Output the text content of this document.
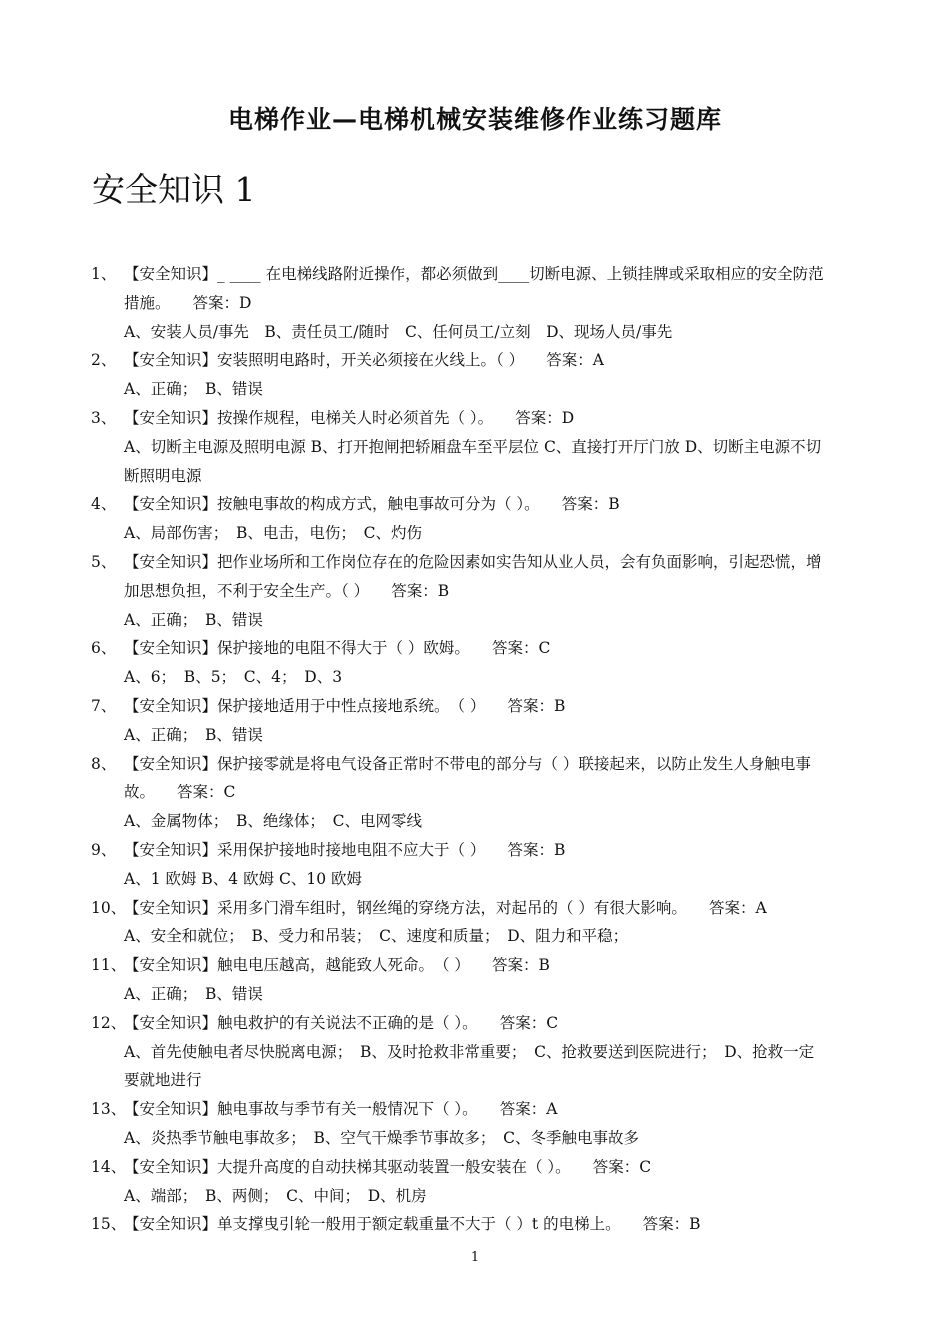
电梯作业—电梯机械安装维修作业练习题库
安全知识 1
1、 【安全知识】_ ____ 在电梯线路附近操作，都必须做到____切断电源、上锁挂牌或采取相应的安全防范措施。 答案：D
A、安装人员/事先　B、责任员工/随时　C、任何员工/立刻　D、现场人员/事先
2、 【安全知识】安装照明电路时，开关必须接在火线上。（ ） 答案：A
A、正确；　B、错误
3、 【安全知识】按操作规程，电梯关人时必须首先（ ）。 答案：D
A、切断主电源及照明电源 B、打开抱闸把轿厢盘车至平层位 C、直接打开厅门放 D、切断主电源不切断照明电源
4、 【安全知识】按触电事故的构成方式，触电事故可分为（ ）。 答案：B
A、局部伤害；　B、电击，电伤；　C、灼伤
5、 【安全知识】把作业场所和工作岗位存在的危险因素如实告知从业人员，会有负面影响，引起恐慌，增加思想负担，不利于安全生产。（ ） 答案：B
A、正确；　B、错误
6、 【安全知识】保护接地的电阻不得大于（ ）欧姆。 答案：C
A、6；　B、5；　C、4；　D、3
7、 【安全知识】保护接地适用于中性点接地系统。　（ ） 答案：B
A、正确；　B、错误
8、 【安全知识】保护接零就是将电气设备正常时不带电的部分与（ ）联接起来，以防止发生人身触电事故。 答案：C
A、金属物体；　B、绝缘体；　C、电网零线
9、 【安全知识】采用保护接地时接地电阻不应大于（ ） 答案：B
A、1 欧姆 B、4 欧姆 C、10 欧姆
10、
【安全知识】采用多门滑车组时，钢丝绳的穿绕方法，对起吊的（ ）有很大影响。 答案：A
A、安全和就位；　B、受力和吊装；　C、速度和质量；　D、阻力和平稳；
11、
【安全知识】触电电压越高，越能致人死命。　（ ） 答案：B
A、正确；　B、错误
12、
【安全知识】触电救护的有关说法不正确的是（ ）。 答案：C
A、首先使触电者尽快脱离电源；　B、及时抢救非常重要；　C、抢救要送到医院进行；　D、抢救一定要就地进行
13、
【安全知识】触电事故与季节有关一般情况下（ ）。 答案：A
A、炎热季节触电事故多；　B、空气干燥季节事故多；　C、冬季触电事故多
14、
【安全知识】大提升高度的自动扶梯其驱动装置一般安装在（ ）。 答案：C
A、端部；　B、两侧；　C、中间；　D、机房
15、
【安全知识】单支撑曳引轮一般用于额定载重量不大于（ ）t 的电梯上。 答案：B
1
